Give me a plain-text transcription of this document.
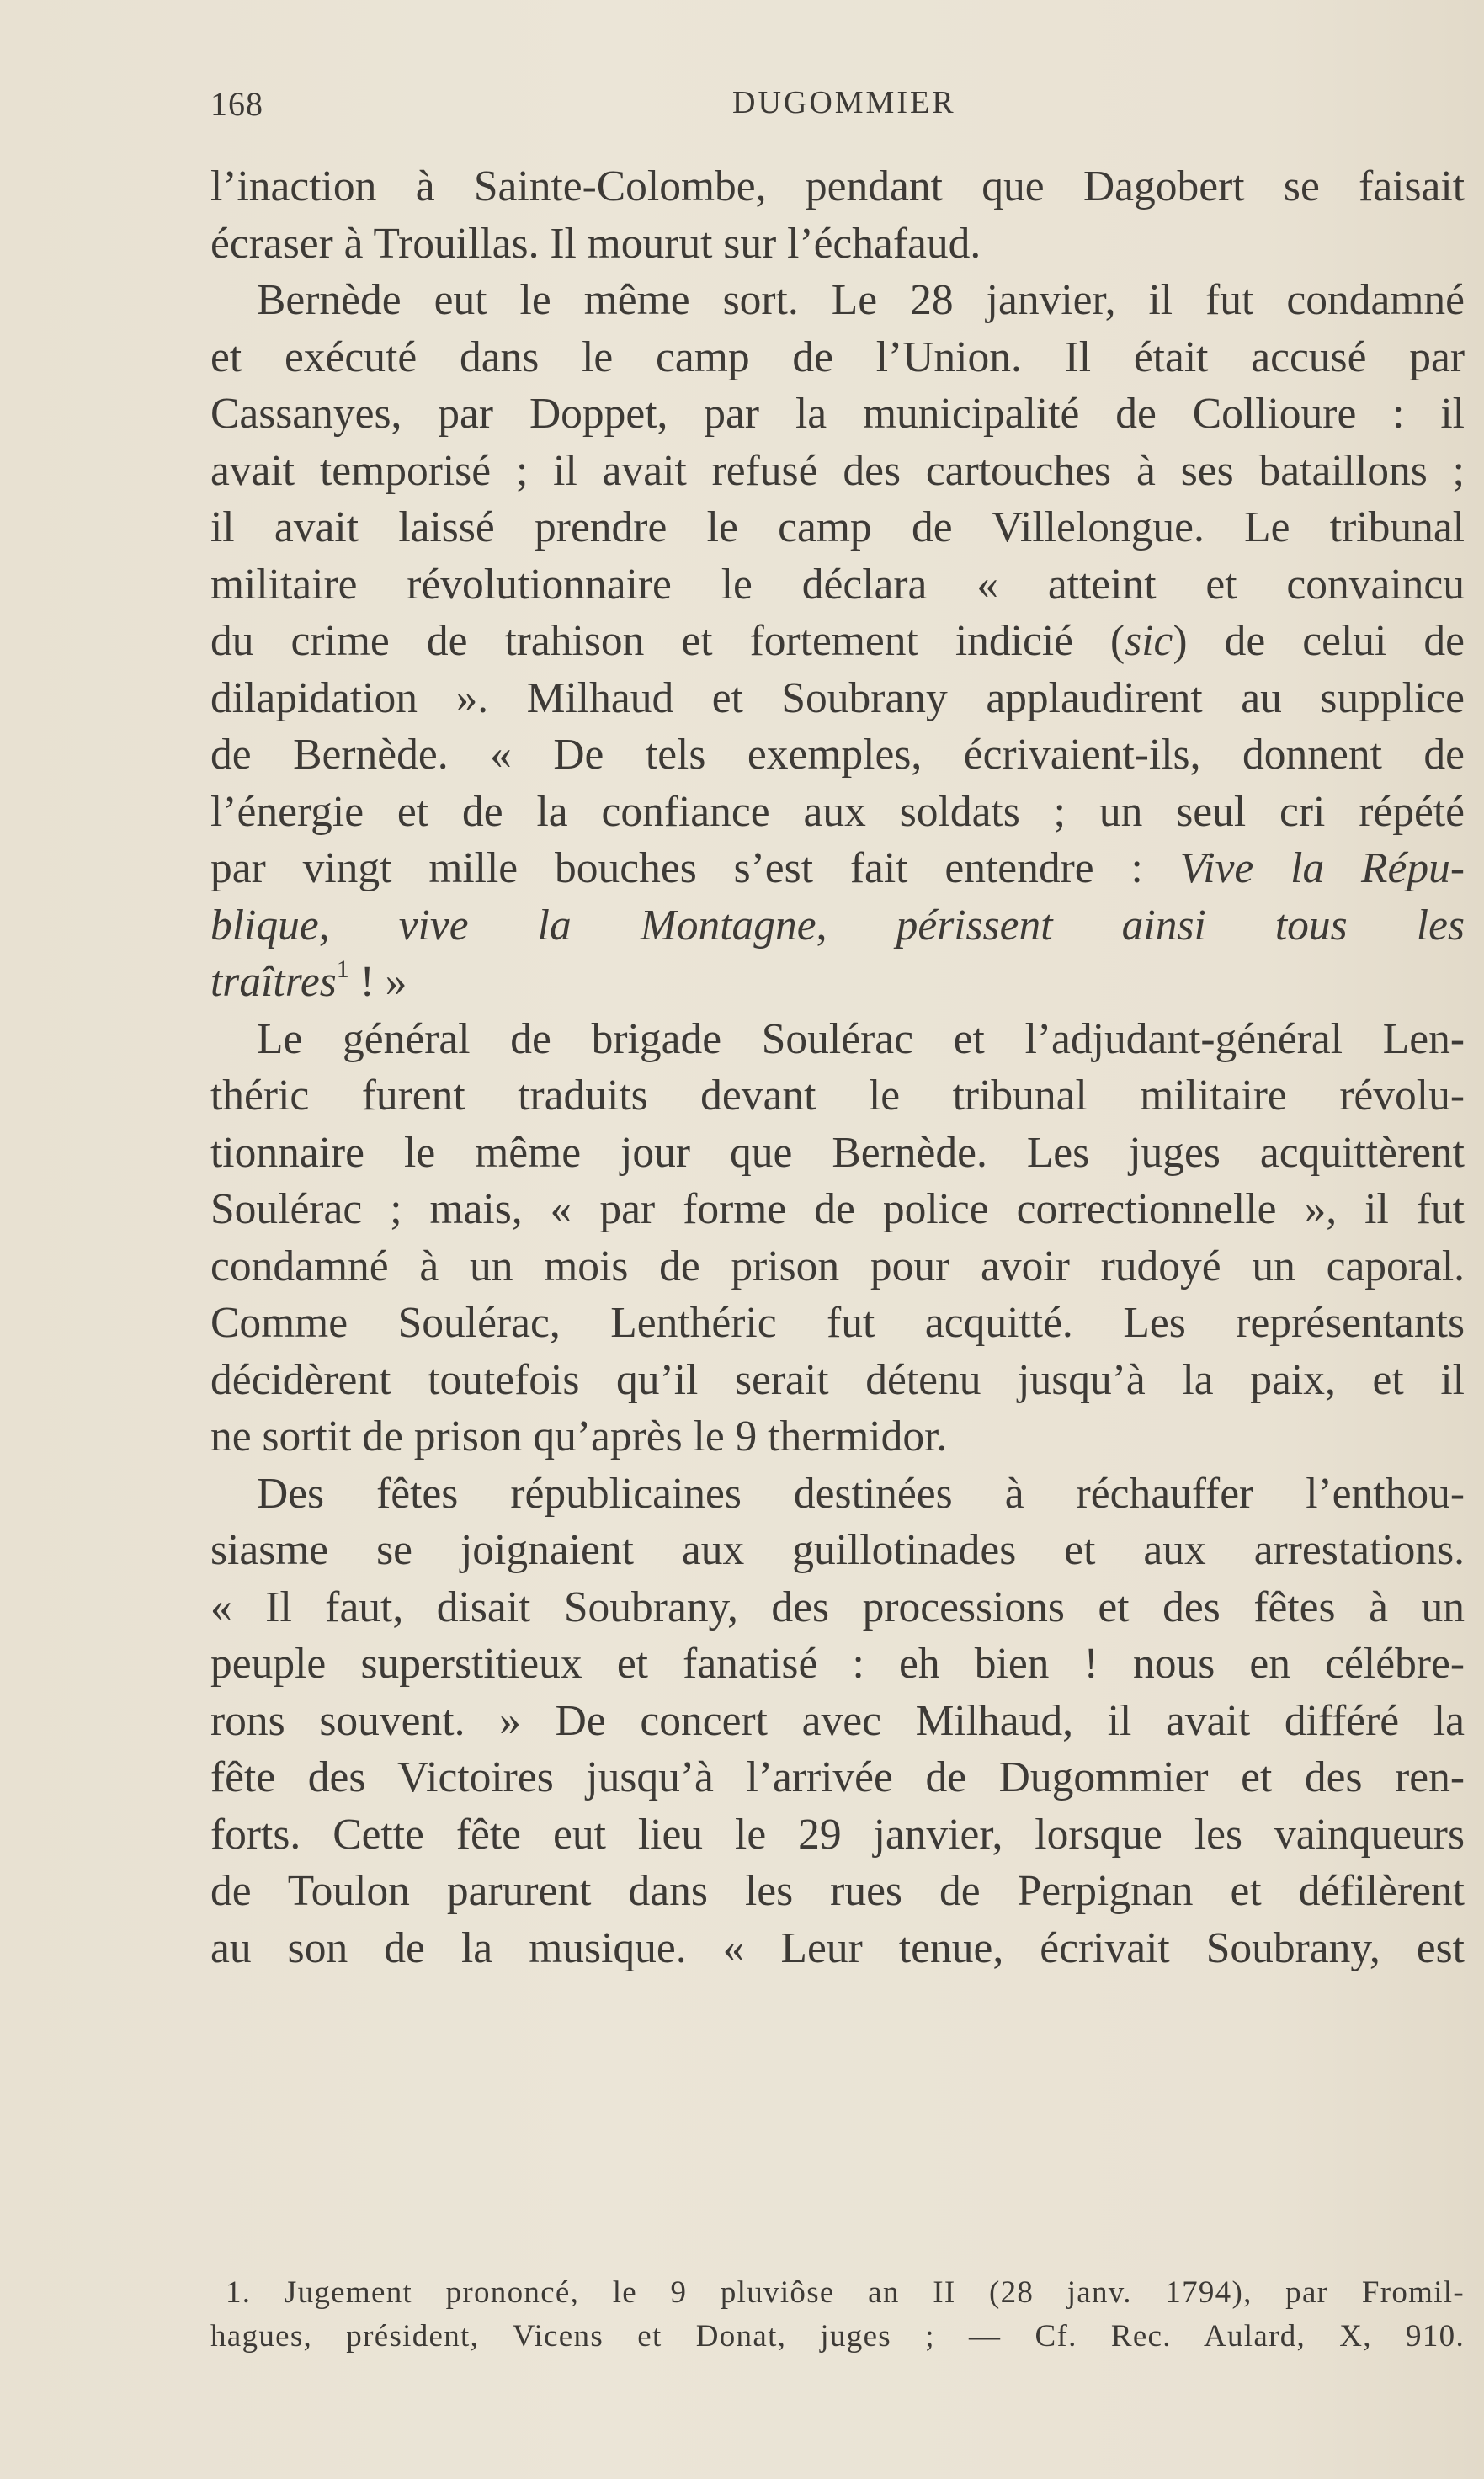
168	DUGOMMIER
l’inaction à Sainte-Colombe, pendant que Dagobert se faisait
écraser à Trouillas. Il mourut sur l’échafaud.
Bernède eut le même sort. Le 28 janvier, il fut condamné
et exécuté dans le camp de l’Union. Il était accusé par
Cassanyes, par Doppet, par la municipalité de Collioure : il
avait temporisé ; il avait refusé des cartouches à ses bataillons ;
il avait laissé prendre le camp de Villelongue. Le tribunal
militaire révolutionnaire le déclara « atteint et convaincu
du crime de trahison et fortement indicié (sic) de celui de
dilapidation ». Milhaud et Soubrany applaudirent au supplice
de Bernède. « De tels exemples, écrivaient-ils, donnent de
l’énergie et de la confiance aux soldats ; un seul cri répété
par vingt mille bouches s’est fait entendre : Vive la Répu-
blique, vive la Montagne, périssent ainsi tous les
traîtres$^1$ ! »
Le général de brigade Soulérac et l’adjudant-général Len-
théric furent traduits devant le tribunal militaire révolu-
tionnaire le même jour que Bernède. Les juges acquittèrent
Soulérac ; mais, « par forme de police correctionnelle », il fut
condamné à un mois de prison pour avoir rudoyé un caporal.
Comme Soulérac, Lenthéric fut acquitté. Les représentants
décidèrent toutefois qu’il serait détenu jusqu’à la paix, et il
ne sortit de prison qu’après le 9 thermidor.
Des fêtes républicaines destinées à réchauffer l’enthou-
siasme se joignaient aux guillotinades et aux arrestations.
« Il faut, disait Soubrany, des processions et des fêtes à un
peuple superstitieux et fanatisé : eh bien ! nous en célébre-
rons souvent. » De concert avec Milhaud, il avait différé la
fête des Victoires jusqu’à l’arrivée de Dugommier et des ren-
forts. Cette fête eut lieu le 29 janvier, lorsque les vainqueurs
de Toulon parurent dans les rues de Perpignan et défilèrent
au son de la musique. « Leur tenue, écrivait Soubrany, est
1. Jugement prononcé, le 9 pluviôse an II (28 janv. 1794), par Fromil-
hagues, président, Vicens et Donat, juges ; — Cf. Rec. Aulard, X, 910.
